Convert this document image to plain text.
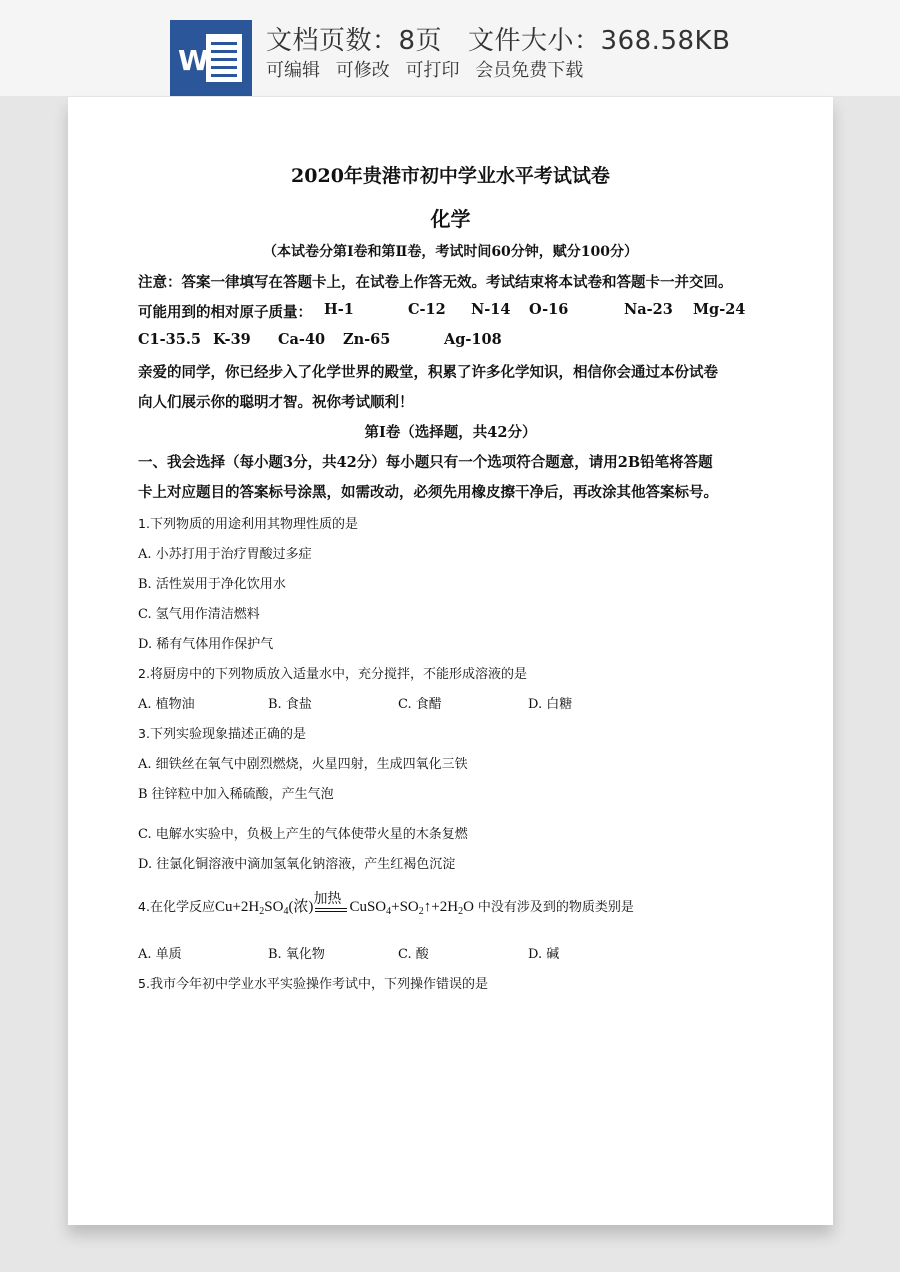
W
文档页数：8页 文件大小：368.58KB
可编辑 可修改 可打印 会员免费下载
2020年贵港市初中学业水平考试试卷
化学
（本试卷分第Ⅰ卷和第Ⅱ卷，考试时间60分钟，赋分100分）
注意：答案一律填写在答题卡上，在试卷上作答无效。考试结束将本试卷和答题卡一并交回。
可能用到的相对原子质量： H-1	C-12 N-14 O-16	Na-23 Mg-24
C1-35.5 K-39 Ca-40 Zn-65	Ag-108
亲爱的同学，你已经步入了化学世界的殿堂，积累了许多化学知识，相信你会通过本份试卷
向人们展示你的聪明才智。祝你考试顺利！
第Ⅰ卷（选择题，共42分）
一、我会选择（每小题3分，共42分）每小题只有一个选项符合题意，请用2B铅笔将答题
卡上对应题目的答案标号涂黑，如需改动，必须先用橡皮擦干净后，再改涂其他答案标号。
1.下列物质的用途利用其物理性质的是
A. 小苏打用于治疗胃酸过多症
B. 活性炭用于净化饮用水
C. 氢气用作清洁燃料
D. 稀有气体用作保护气
2.将厨房中的下列物质放入适量水中，充分搅拌，不能形成溶液的是
A. 植物油	B. 食盐	C. 食醋	D. 白糖
3.下列实验现象描述正确的是
A. 细铁丝在氧气中剧烈燃烧，火星四射，生成四氧化三铁
B 往锌粒中加入稀硫酸，产生气泡
C. 电解水实验中，负极上产生的气体使带火星的木条复燃
D. 往氯化铜溶液中滴加氢氧化钠溶液，产生红褐色沉淀
4.在化学反应$Cu+2H_2SO_4$(浓) 加热 $CuSO_4+SO_2↑+2H_2O$ 中没有涉及到的物质类别是
A. 单质	B. 氧化物	C. 酸	D. 碱
5.我市今年初中学业水平实验操作考试中，下列操作错误的是
